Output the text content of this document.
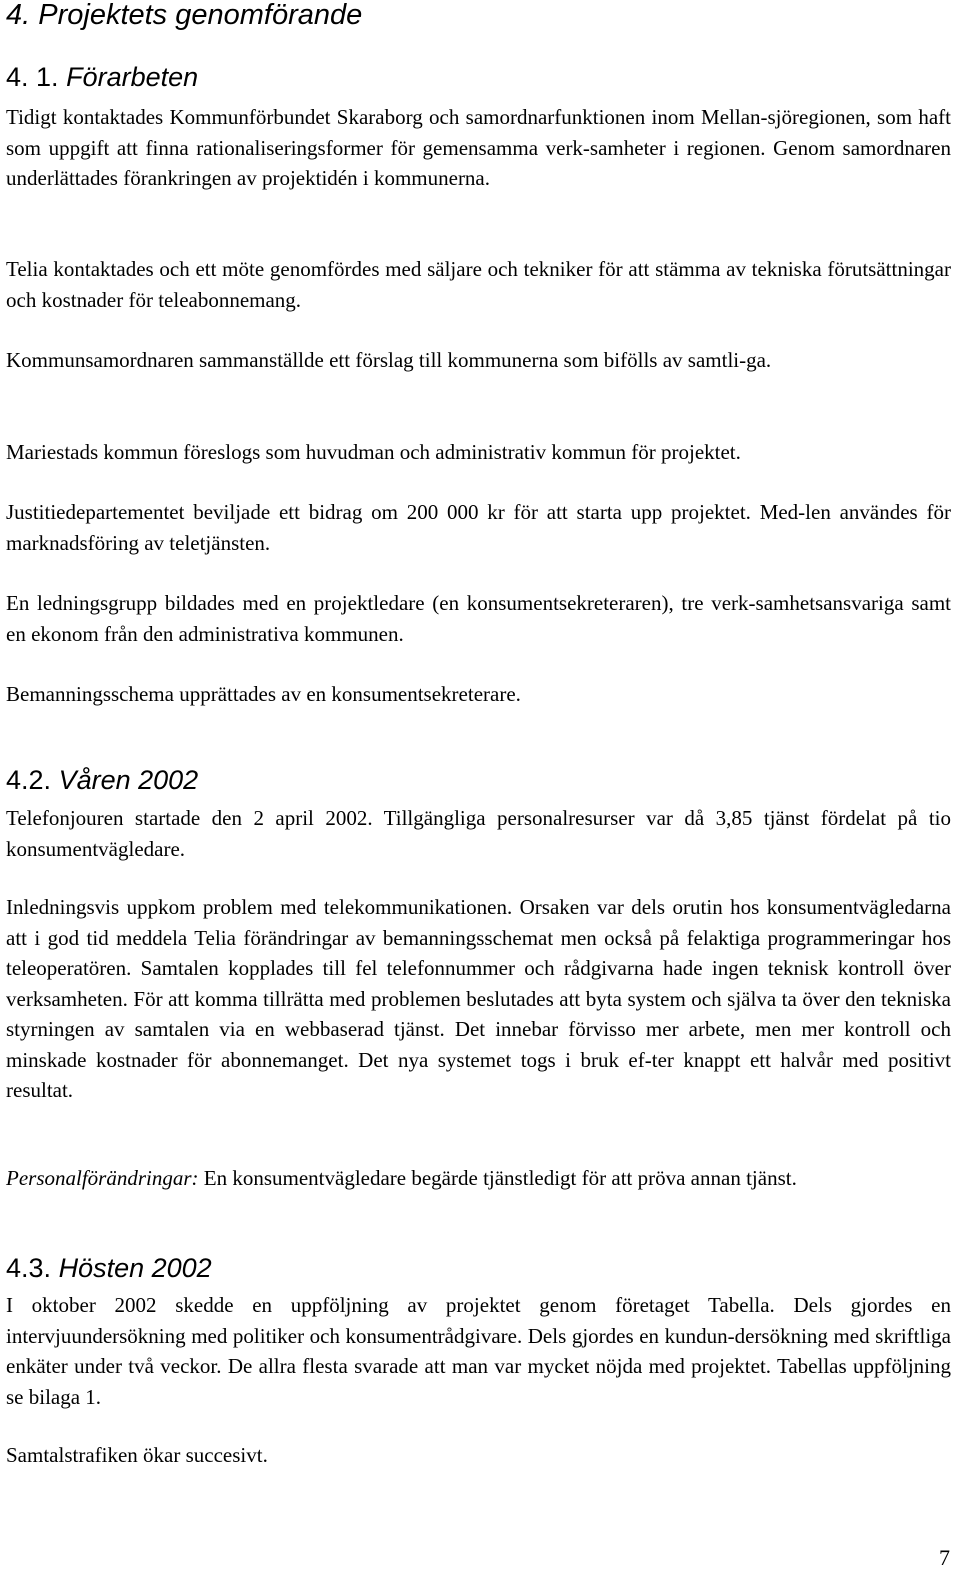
4. Projektets genomförande
4. 1. Förarbeten

Tidigt kontaktades Kommunförbundet Skaraborg och samordnarfunktionen inom Mellan-sjöregionen, som haft som uppgift att finna rationaliseringsformer för gemensamma verk-samheter i regionen. Genom samordnaren underlättades förankringen av projektidén i kommunerna.

Telia kontaktades och ett möte genomfördes med säljare och tekniker för att stämma av tekniska förutsättningar och kostnader för teleabonnemang.

Kommunsamordnaren sammanställde ett förslag till kommunerna som bifölls av samtli-ga.

Mariestads kommun föreslogs som huvudman och administrativ kommun för projektet.

Justitiedepartementet beviljade ett bidrag om 200 000 kr för att starta upp projektet. Med-len användes för marknadsföring av teletjänsten.

En ledningsgrupp bildades med en projektledare (en konsumentsekreteraren), tre verk-samhetsansvariga samt en ekonom från den administrativa kommunen.

Bemanningsschema upprättades av en konsumentsekreterare.

4.2. Våren 2002

Telefonjouren startade den 2 april 2002. Tillgängliga personalresurser var då 3,85 tjänst fördelat på tio konsumentvägledare.

Inledningsvis uppkom problem med telekommunikationen. Orsaken var dels orutin hos konsumentvägledarna att i god tid meddela Telia förändringar av bemanningsschemat men också på felaktiga programmeringar hos teleoperatören. Samtalen kopplades till fel telefonnummer och rådgivarna hade ingen teknisk kontroll över verksamheten. För att komma tillrätta med problemen beslutades att byta system och själva ta över den tekniska styrningen av samtalen via en webbaserad tjänst. Det innebar förvisso mer arbete, men mer kontroll och minskade kostnader för abonnemanget. Det nya systemet togs i bruk ef-ter knappt ett halvår med positivt resultat.

Personalförändringar: En konsumentvägledare begärde tjänstledigt för att pröva annan tjänst.

4.3. Hösten 2002

I oktober 2002 skedde en uppföljning av projektet genom företaget Tabella. Dels gjordes en intervjuundersökning med politiker och konsumentrådgivare. Dels gjordes en kundun-dersökning med skriftliga enkäter under två veckor. De allra flesta svarade att man var mycket nöjda med projektet. Tabellas uppföljning se bilaga 1.

Samtalstrafiken ökar succesivt.

7
